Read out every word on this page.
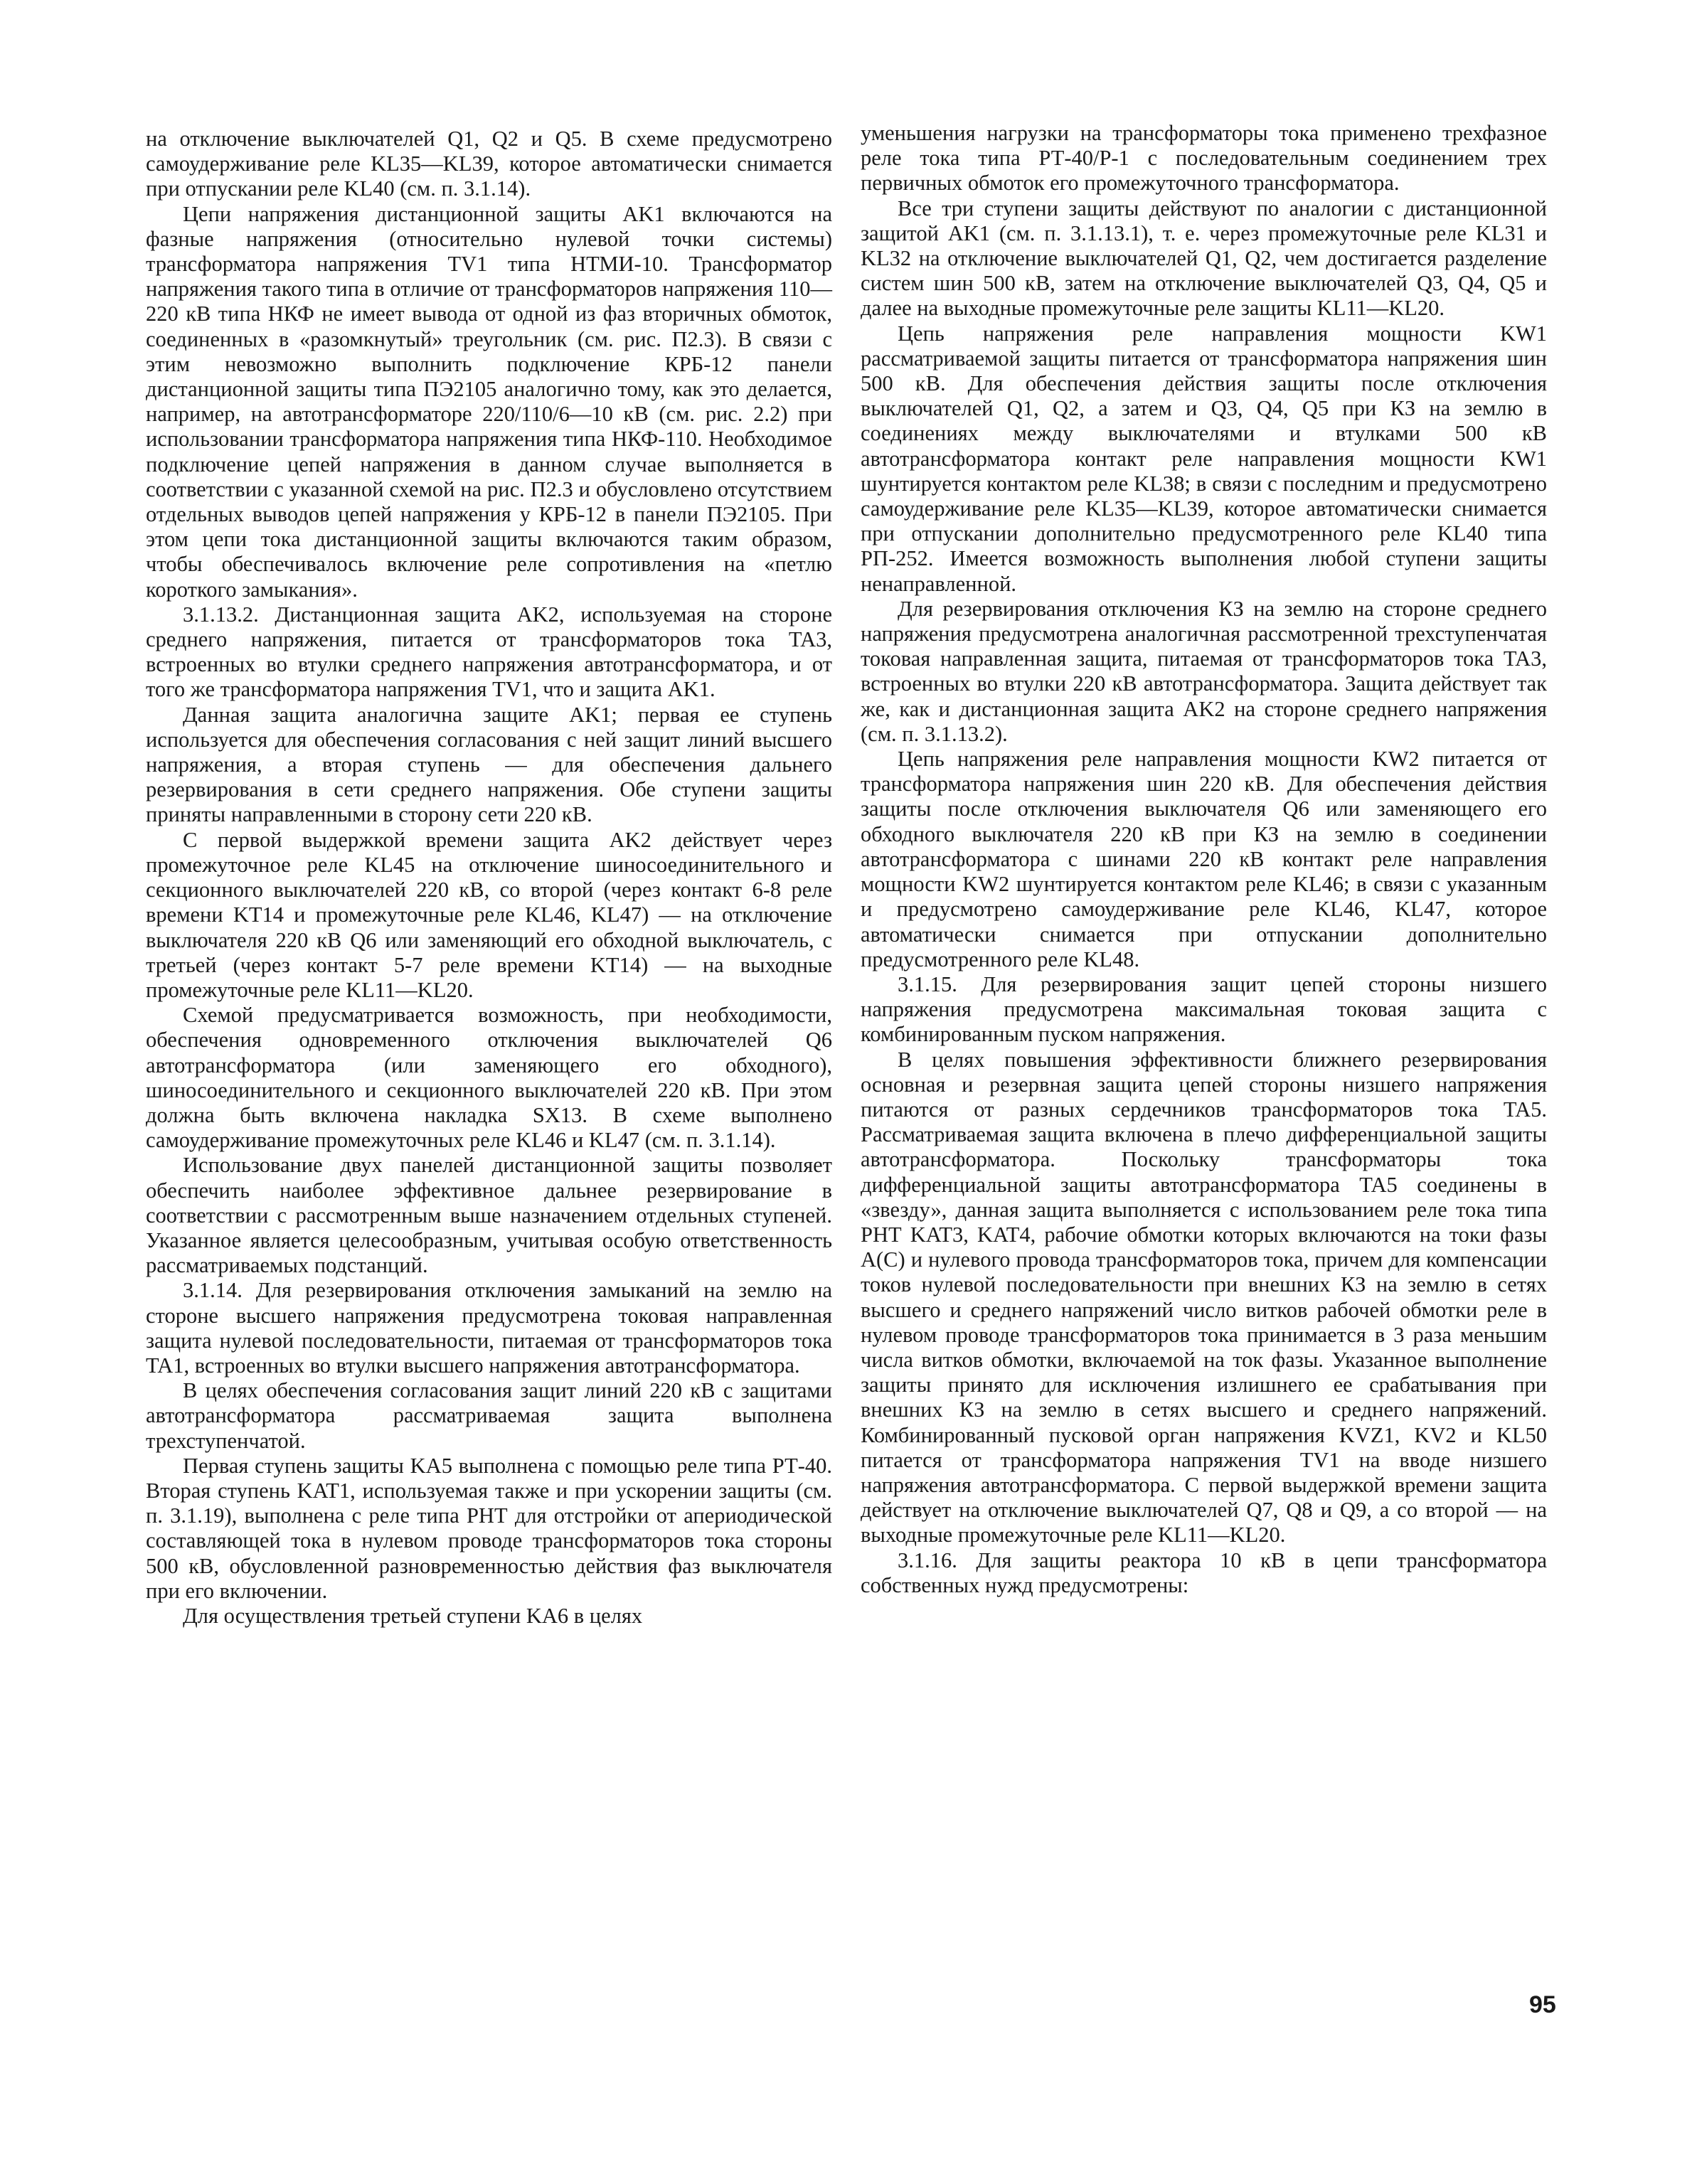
на отключение выключателей Q1, Q2 и Q5. В схеме предусмотрено самоудерживание реле KL35—KL39, которое автоматически снимается при отпускании реле KL40 (см. п. 3.1.14).

Цепи напряжения дистанционной защиты AK1 включаются на фазные напряжения (относительно нулевой точки системы) трансформатора напряжения TV1 типа НТМИ-10. Трансформатор напряжения такого типа в отличие от трансформаторов напряжения 110—220 кВ типа НКФ не имеет вывода от одной из фаз вторичных обмоток, соединенных в «разомкнутый» треугольник (см. рис. П2.3). В связи с этим невозможно выполнить подключение КРБ-12 панели дистанционной защиты типа ПЭ2105 аналогично тому, как это делается, например, на автотрансформаторе 220/110/6—10 кВ (см. рис. 2.2) при использовании трансформатора напряжения типа НКФ-110. Необходимое подключение цепей напряжения в данном случае выполняется в соответствии с указанной схемой на рис. П2.3 и обусловлено отсутствием отдельных выводов цепей напряжения у КРБ-12 в панели ПЭ2105. При этом цепи тока дистанционной защиты включаются таким образом, чтобы обеспечивалось включение реле сопротивления на «петлю короткого замыкания».

3.1.13.2. Дистанционная защита AK2, используемая на стороне среднего напряжения, питается от трансформаторов тока TA3, встроенных во втулки среднего напряжения автотрансформатора, и от того же трансформатора напряжения TV1, что и защита AK1.

Данная защита аналогична защите AK1; первая ее ступень используется для обеспечения согласования с ней защит линий высшего напряжения, а вторая ступень — для обеспечения дальнего резервирования в сети среднего напряжения. Обе ступени защиты приняты направленными в сторону сети 220 кВ.

С первой выдержкой времени защита AK2 действует через промежуточное реле KL45 на отключение шиносоединительного и секционного выключателей 220 кВ, со второй (через контакт 6-8 реле времени KT14 и промежуточные реле KL46, KL47) — на отключение выключателя 220 кВ Q6 или заменяющий его обходной выключатель, с третьей (через контакт 5-7 реле времени KT14) — на выходные промежуточные реле KL11—KL20.

Схемой предусматривается возможность, при необходимости, обеспечения одновременного отключения выключателей Q6 автотрансформатора (или заменяющего его обходного), шиносоединительного и секционного выключателей 220 кВ. При этом должна быть включена накладка SX13. В схеме выполнено самоудерживание промежуточных реле KL46 и KL47 (см. п. 3.1.14).

Использование двух панелей дистанционной защиты позволяет обеспечить наиболее эффективное дальнее резервирование в соответствии с рассмотренным выше назначением отдельных ступеней. Указанное является целесообразным, учитывая особую ответственность рассматриваемых подстанций.

3.1.14. Для резервирования отключения замыканий на землю на стороне высшего напряжения предусмотрена токовая направленная защита нулевой последовательности, питаемая от трансформаторов тока TA1, встроенных во втулки высшего напряжения автотрансформатора.

В целях обеспечения согласования защит линий 220 кВ с защитами автотрансформатора рассматриваемая защита выполнена трехступенчатой.

Первая ступень защиты KA5 выполнена с помощью реле типа РТ-40. Вторая ступень KAT1, используемая также и при ускорении защиты (см. п. 3.1.19), выполнена с реле типа РНТ для отстройки от апериодической составляющей тока в нулевом проводе трансформаторов тока стороны 500 кВ, обусловленной разновременностью действия фаз выключателя при его включении.

Для осуществления третьей ступени KA6 в целях

уменьшения нагрузки на трансформаторы тока применено трехфазное реле тока типа РТ-40/Р-1 с последовательным соединением трех первичных обмоток его промежуточного трансформатора.

Все три ступени защиты действуют по аналогии с дистанционной защитой AK1 (см. п. 3.1.13.1), т. е. через промежуточные реле KL31 и KL32 на отключение выключателей Q1, Q2, чем достигается разделение систем шин 500 кВ, затем на отключение выключателей Q3, Q4, Q5 и далее на выходные промежуточные реле защиты KL11—KL20.

Цепь напряжения реле направления мощности KW1 рассматриваемой защиты питается от трансформатора напряжения шин 500 кВ. Для обеспечения действия защиты после отключения выключателей Q1, Q2, а затем и Q3, Q4, Q5 при КЗ на землю в соединениях между выключателями и втулками 500 кВ автотрансформатора контакт реле направления мощности KW1 шунтируется контактом реле KL38; в связи с последним и предусмотрено самоудерживание реле KL35—KL39, которое автоматически снимается при отпускании дополнительно предусмотренного реле KL40 типа РП-252. Имеется возможность выполнения любой ступени защиты ненаправленной.

Для резервирования отключения КЗ на землю на стороне среднего напряжения предусмотрена аналогичная рассмотренной трехступенчатая токовая направленная защита, питаемая от трансформаторов тока TA3, встроенных во втулки 220 кВ автотрансформатора. Защита действует так же, как и дистанционная защита AK2 на стороне среднего напряжения (см. п. 3.1.13.2).

Цепь напряжения реле направления мощности KW2 питается от трансформатора напряжения шин 220 кВ. Для обеспечения действия защиты после отключения выключателя Q6 или заменяющего его обходного выключателя 220 кВ при КЗ на землю в соединении автотрансформатора с шинами 220 кВ контакт реле направления мощности KW2 шунтируется контактом реле KL46; в связи с указанным и предусмотрено самоудерживание реле KL46, KL47, которое автоматически снимается при отпускании дополнительно предусмотренного реле KL48.

3.1.15. Для резервирования защит цепей стороны низшего напряжения предусмотрена максимальная токовая защита с комбинированным пуском напряжения.

В целях повышения эффективности ближнего резервирования основная и резервная защита цепей стороны низшего напряжения питаются от разных сердечников трансформаторов тока TA5. Рассматриваемая защита включена в плечо дифференциальной защиты автотрансформатора. Поскольку трансформаторы тока дифференциальной защиты автотрансформатора TA5 соединены в «звезду», данная защита выполняется с использованием реле тока типа РНТ KAT3, KAT4, рабочие обмотки которых включаются на токи фазы A(C) и нулевого провода трансформаторов тока, причем для компенсации токов нулевой последовательности при внешних КЗ на землю в сетях высшего и среднего напряжений число витков рабочей обмотки реле в нулевом проводе трансформаторов тока принимается в 3 раза меньшим числа витков обмотки, включаемой на ток фазы. Указанное выполнение защиты принято для исключения излишнего ее срабатывания при внешних КЗ на землю в сетях высшего и среднего напряжений. Комбинированный пусковой орган напряжения KVZ1, KV2 и KL50 питается от трансформатора напряжения TV1 на вводе низшего напряжения автотрансформатора. С первой выдержкой времени защита действует на отключение выключателей Q7, Q8 и Q9, а со второй — на выходные промежуточные реле KL11—KL20.

3.1.16. Для защиты реактора 10 кВ в цепи трансформатора собственных нужд предусмотрены:

95
